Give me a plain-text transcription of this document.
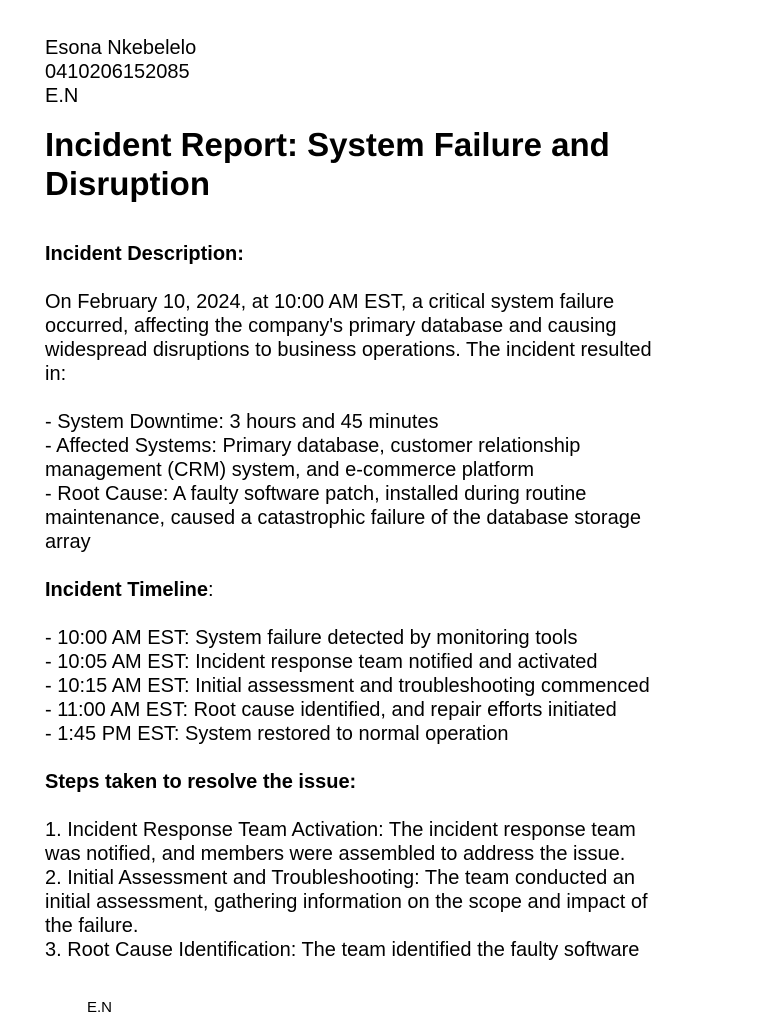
Esona Nkebelelo
0410206152085
E.N
Incident Report: System Failure and
Disruption
Incident Description:
On February 10, 2024, at 10:00 AM EST, a critical system failure
occurred, affecting the company's primary database and causing
widespread disruptions to business operations. The incident resulted
in:
- System Downtime: 3 hours and 45 minutes
- Affected Systems: Primary database, customer relationship
management (CRM) system, and e-commerce platform
- Root Cause: A faulty software patch, installed during routine
maintenance, caused a catastrophic failure of the database storage
array
Incident Timeline:
- 10:00 AM EST: System failure detected by monitoring tools
- 10:05 AM EST: Incident response team notified and activated
- 10:15 AM EST: Initial assessment and troubleshooting commenced
- 11:00 AM EST: Root cause identified, and repair efforts initiated
- 1:45 PM EST: System restored to normal operation
Steps taken to resolve the issue:
1. Incident Response Team Activation: The incident response team
was notified, and members were assembled to address the issue.
2. Initial Assessment and Troubleshooting: The team conducted an
initial assessment, gathering information on the scope and impact of
the failure.
3. Root Cause Identification: The team identified the faulty software
E.N
